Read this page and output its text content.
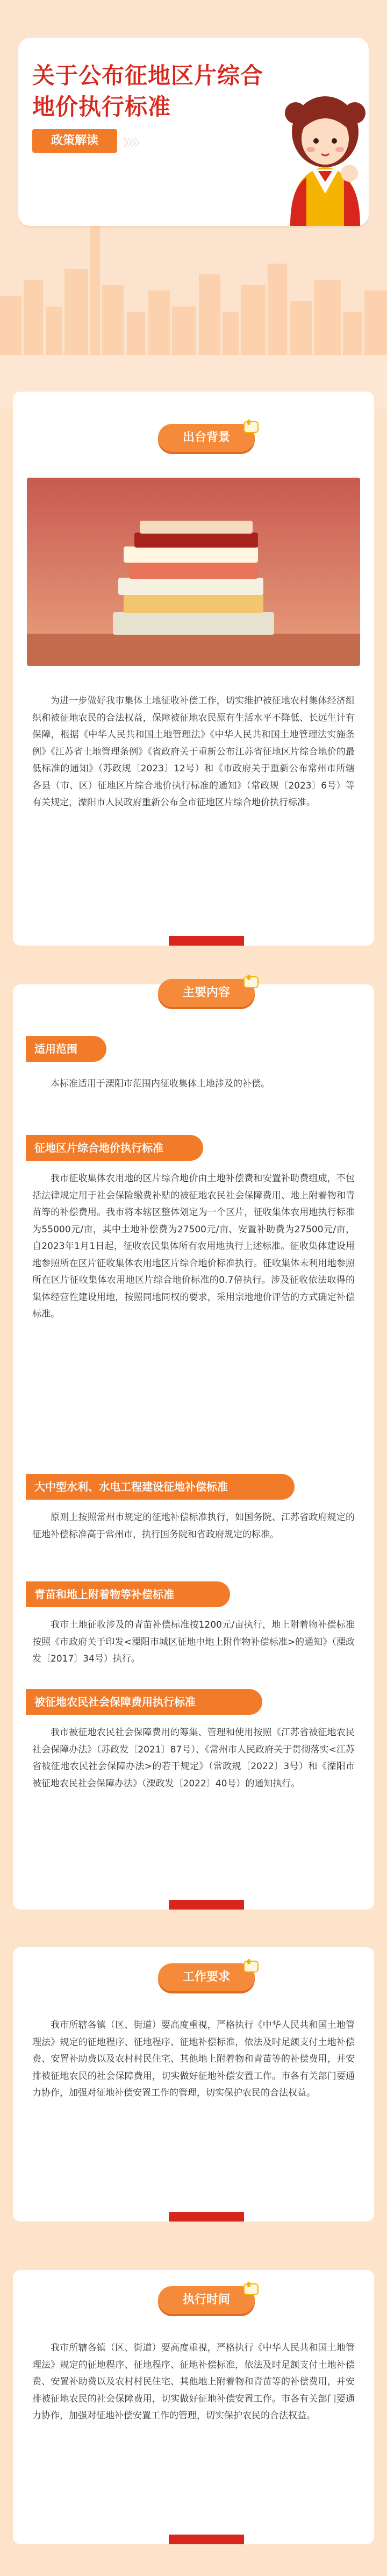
关于公布征地区片综合
地价执行标准
政策解读	〉〉〉〉
出台背景
为进一步做好我市集体土地征收补偿工作，切实维护被征地农村集体经济组织和被征地农民的合法权益，保障被征地农民原有生活水平不降低、长远生计有保障，根据《中华人民共和国土地管理法》《中华人民共和国土地管理法实施条例》《江苏省土地管理条例》《省政府关于重新公布江苏省征地区片综合地价的最低标准的通知》（苏政规〔2023〕12号）和《市政府关于重新公布常州市所辖各县（市、区）征地区片综合地价执行标准的通知》（常政规〔2023〕6号）等有关规定，溧阳市人民政府重新公布全市征地区片综合地价执行标准。
主要内容
适用范围
本标准适用于溧阳市范围内征收集体土地涉及的补偿。
征地区片综合地价执行标准
我市征收集体农用地的区片综合地价由土地补偿费和安置补助费组成，不包括法律规定用于社会保险缴费补贴的被征地农民社会保障费用、地上附着物和青苗等的补偿费用。我市将本辖区整体划定为一个区片，征收集体农用地执行标准为55000元/亩，其中土地补偿费为27500元/亩、安置补助费为27500元/亩，自2023年1月1日起，征收农民集体所有农用地执行上述标准。征收集体建设用地参照所在区片征收集体农用地区片综合地价标准执行。征收集体未利用地参照所在区片征收集体农用地区片综合地价标准的0.7倍执行。涉及征收依法取得的集体经营性建设用地，按照同地同权的要求，采用宗地地价评估的方式确定补偿标准。
大中型水利、水电工程建设征地补偿标准
原则上按照常州市规定的征地补偿标准执行，如国务院、江苏省政府规定的征地补偿标准高于常州市，执行国务院和省政府规定的标准。
青苗和地上附着物等补偿标准
我市土地征收涉及的青苗补偿标准按1200元/亩执行，地上附着物补偿标准按照《市政府关于印发<溧阳市城区征地中地上附作物补偿标准>的通知》（溧政发〔2017〕34号）执行。
被征地农民社会保障费用执行标准
我市被征地农民社会保障费用的筹集、管理和使用按照《江苏省被征地农民社会保障办法》（苏政发〔2021〕87号）、《常州市人民政府关于贯彻落实<江苏省被征地农民社会保障办法>的若干规定》（常政规〔2022〕3号）和《溧阳市被征地农民社会保障办法》（溧政发〔2022〕40号）的通知执行。
工作要求
我市所辖各镇（区、街道）要高度重视，严格执行《中华人民共和国土地管理法》规定的征地程序、征地程序、征地补偿标准，依法及时足额支付土地补偿费、安置补助费以及农村村民住宅、其他地上附着物和青苗等的补偿费用，并安排被征地农民的社会保障费用，切实做好征地补偿安置工作。市各有关部门要通力协作，加强对征地补偿安置工作的管理，切实保护农民的合法权益。
执行时间
我市所辖各镇（区、街道）要高度重视，严格执行《中华人民共和国土地管理法》规定的征地程序、征地程序、征地补偿标准，依法及时足额支付土地补偿费、安置补助费以及农村村民住宅、其他地上附着物和青苗等的补偿费用，并安排被征地农民的社会保障费用，切实做好征地补偿安置工作。市各有关部门要通力协作，加强对征地补偿安置工作的管理，切实保护农民的合法权益。
